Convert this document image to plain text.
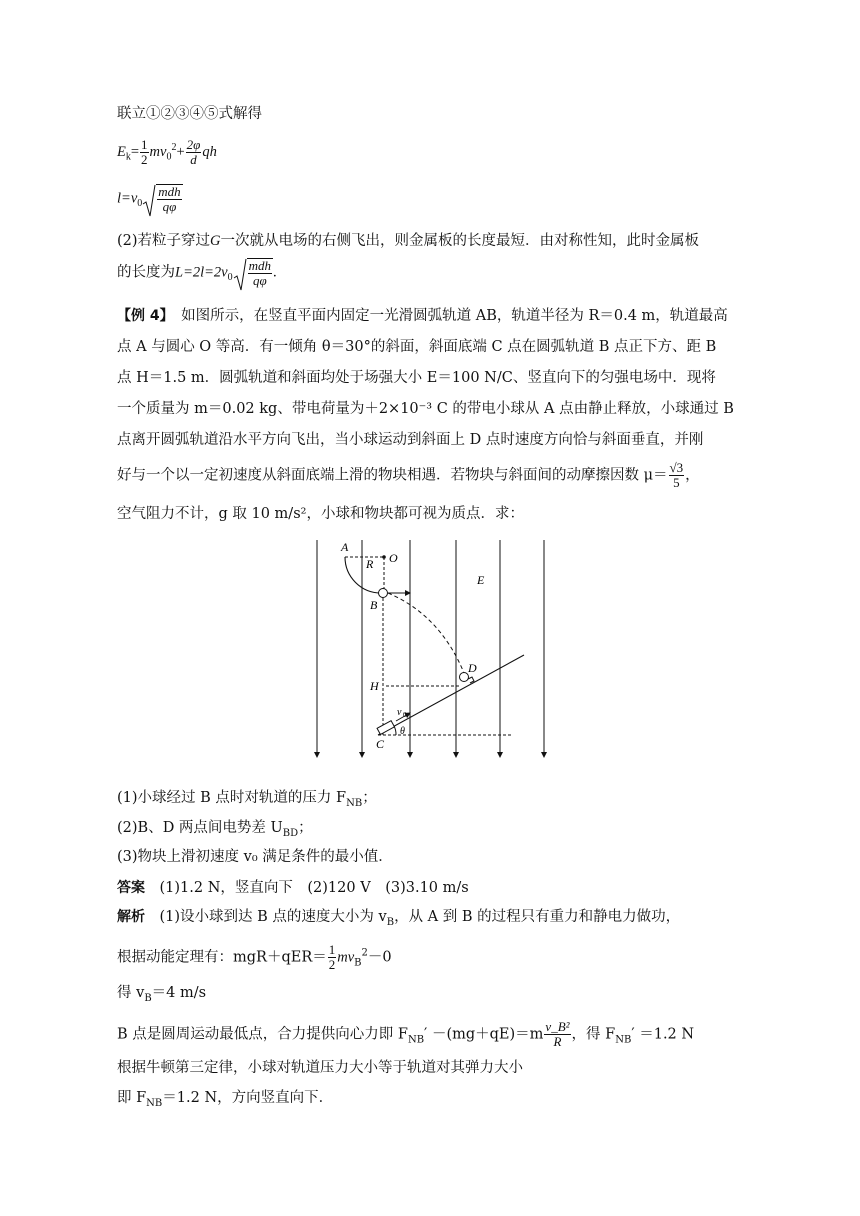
联立①②③④⑤式解得
$E_k= \frac{1}{2} mv_0^2+ \frac{2\varphi}{d}$ qh
$l=v_0 \frac{\text{mdh}}{q\varphi}$
(2)若粒子穿过G一次就从电场的右侧飞出，则金属板的长度最短．由对称性知，此时金属板
的长度为$L=2l=2v_0 \frac{\text{mdh}}{q\varphi}$ .
【例 4】　 如图所示，在竖直平面内固定一光滑圆弧轨道 AB，轨道半径为 R＝0.4 m，轨道最高
点 A 与圆心 O 等高．有一倾角 θ＝30°的斜面，斜面底端 C 点在圆弧轨道 B 点正下方、距 B
点 H＝1.5 m．圆弧轨道和斜面均处于场强大小 E＝100 N/C、竖直向下的匀强电场中．现将
一个质量为 m＝0.02 kg、带电荷量为＋2×10⁻³ C 的带电小球从 A 点由静止释放，小球通过 B
点离开圆弧轨道沿水平方向飞出，当小球运动到斜面上 D 点时速度方向恰与斜面垂直，并刚
好与一个以一定初速度从斜面底端上滑的物块相遇．若物块与斜面间的动摩擦因数 $\mu= \frac{√3}{5}$ ，
空气阻力不计，g 取 10 m/s²，小球和物块都可视为质点．求：
A
O
R
E
B
D
H
v 0
θ
C
(1)小球经过 B 点时对轨道的压力 $F_{NB}$；
(2)B、D 两点间电势差 $U_{BD}$；
(3)物块上滑初速度 v₀ 满足条件的最小值．
答案　 (1)1.2 N，竖直向下　(2)120 V　(3)3.10 m/s
解析　 (1)设小球到达 B 点的速度大小为 $v_B$，从 A 到 B 的过程只有重力和静电力做功，
根据动能定理有：$mgR+qER= \frac{1}{2} mv_B^2-0$
得 $v_B=4$ m/s
B 点是圆周运动最低点，合力提供向心力即 $F_{NB}' -(mg+qE)=m \frac{\text{v\_B²}}{R}$ ，得 $F_{NB}' =1.2$ N
根据牛顿第三定律，小球对轨道压力大小等于轨道对其弹力大小
即 $F_{NB}=1.2$ N，方向竖直向下．
